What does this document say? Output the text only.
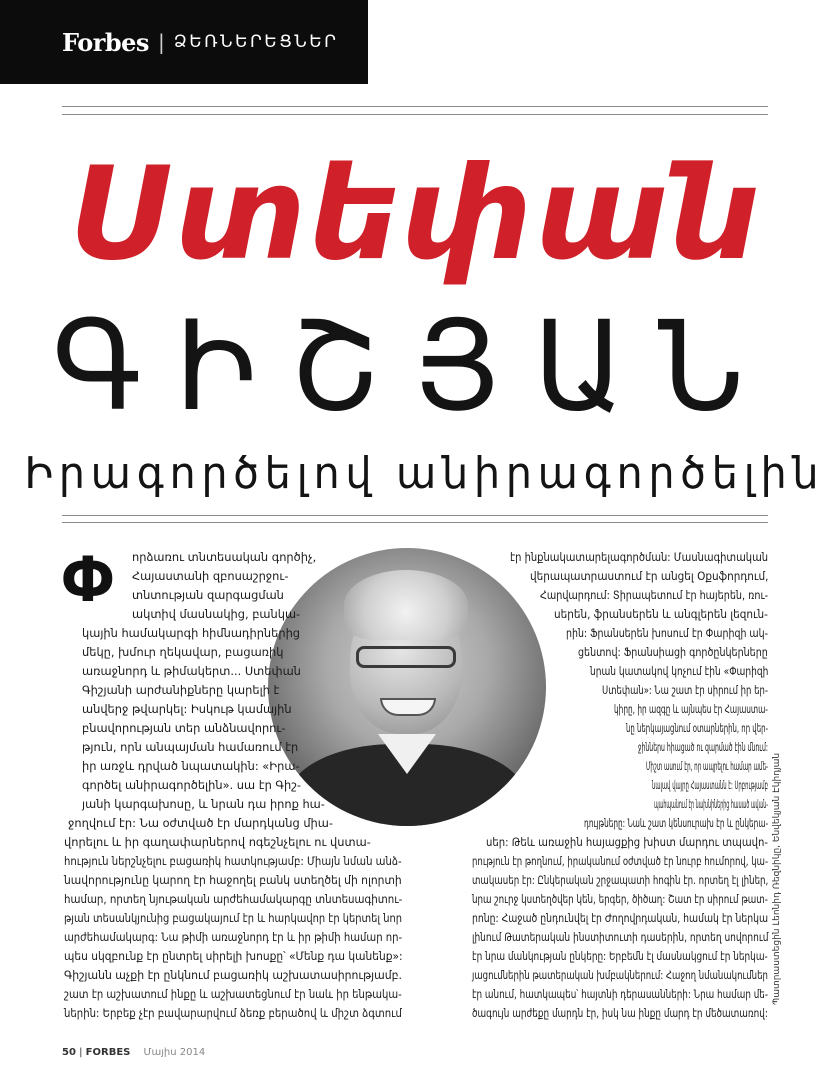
Forbes | ՁԵՌՆԵՐԵՑՆԵՐ
Ստեփան
ԳԻՇՅԱՆ
Իրագործելով անիրագործելին
Փ որձառու տնտեսական գործիչ,
Հայաստանի զբոսաշրջու-
տնտության զարգացման
ակտիվ մասնակից, բանկա-
կային համակարգի հիմնադիրներից
մեկը, խմուր ղեկավար, բացառիկ
առաջնորդ և թիմակերտ... Ստեփան
Գիշյանի արժանիքները կարելի է
անվերջ թվարկել: Իսկութ կամային
բնավորության տեր անձնավորու-
թյուն, որն անպայման համառում էր
իր առջև դրված նպատակին: «Իրա-
գործել անիրագործելին». սա էր Գիշ-
յանի կարգախոսը, և նրան դա իրոք հա-
ջողվում էր: Նա օժտված էր մարդկանց միա-
վորելու և իր գաղափարներով ոգեշնչելու ու վստա-
հություն ներշնչելու բացառիկ հատկությամբ: Միայն նման անձ-
նավորությունը կարող էր հաջողել բանկ ստեղծել մի ոլորտի
համար, որտեղ նյութական արժեհամակարգը տնտեսագիտու-
թյան տեսանկյունից բացակայում էր և հարկավոր էր կերտել նոր
արժեհամակարգ: Նա թիմի առաջնորդ էր և իր թիմի համար որ-
պես սկզբունք էր ընտրել սիրելի խոսքը՝ «Մենք դա կանենք»:
Գիշյանն աչքի էր ընկնում բացառիկ աշխատասիրությամբ.
շատ էր աշխատում ինքը և աշխատեցնում էր նաև իր ենթակա-
ներին: Երբեք չէր բավարարվում ձեռք բերածով և միշտ ձգտում
էր ինքնակատարելագործման: Մասնագիտական
վերապատրաստում էր անցել Օքսֆորդում,
Հարվարդում: Տիրապետում էր հայերեն, ռու-
սերեն, ֆրանսերեն և անգլերեն լեզուն-
րին: Ֆրանսերեն խոսում էր Փարիզի ակ-
ցենտով: Ֆրանսիացի գործընկերները
նրան կատակով կոչում էին «Փարիզի
Ստեփան»: Նա շատ էր սիրում իր եր-
կիրը, իր ազգը և այնպես էր Հայաստա-
նը ներկայացնում օտարներին, որ վեր-
ջիններս հիացած ու զարմած էին մնում:
Միշտ ասում էր, որ ապրելու համար ամե-
նալավ վայրը Հայաստանն է: Սրբությամբ
պահպանում էր նախնիներից հասած ավան-
դույթները: Նաև շատ կենսուրախ էր և ընկերա-
սեր: Թեև առաջին հայացքից խիստ մարդու տպավո-
րություն էր թողնում, իրականում օժտված էր նուրբ հումորով, կա-
տակասեր էր: Ընկերական շրջապատի հոգին էր. որտեղ էլ լիներ,
նրա շուրջ կստեղծվեր կեն, երգեր, ծիծաղ: Շատ էր սիրում թատ-
րոնը: Հաջած ընդունվել էր Ժողովրդական, համակ էր ներկա
լինում Թատերական ինստիտուտի դասերին, որտեղ սովորում
էր նրա մանկության ընկերը: Երբեմն էլ մասնակցում էր ներկա-
յացումներին թատերական խմբակներում: Հաջող նմանակումներ
էր անում, հատկապես՝ հայտնի դերասանների: Նրա համար մե-
ծագույն արժեքը մարդն էր, իսկ նա ինքը մարդ էր մեծատառով:
Պատրաստեցին Լեոնիդ Ռեզնիկը, Ենվեկյան Էկիդյան
50 | FORBES Մայիս 2014
